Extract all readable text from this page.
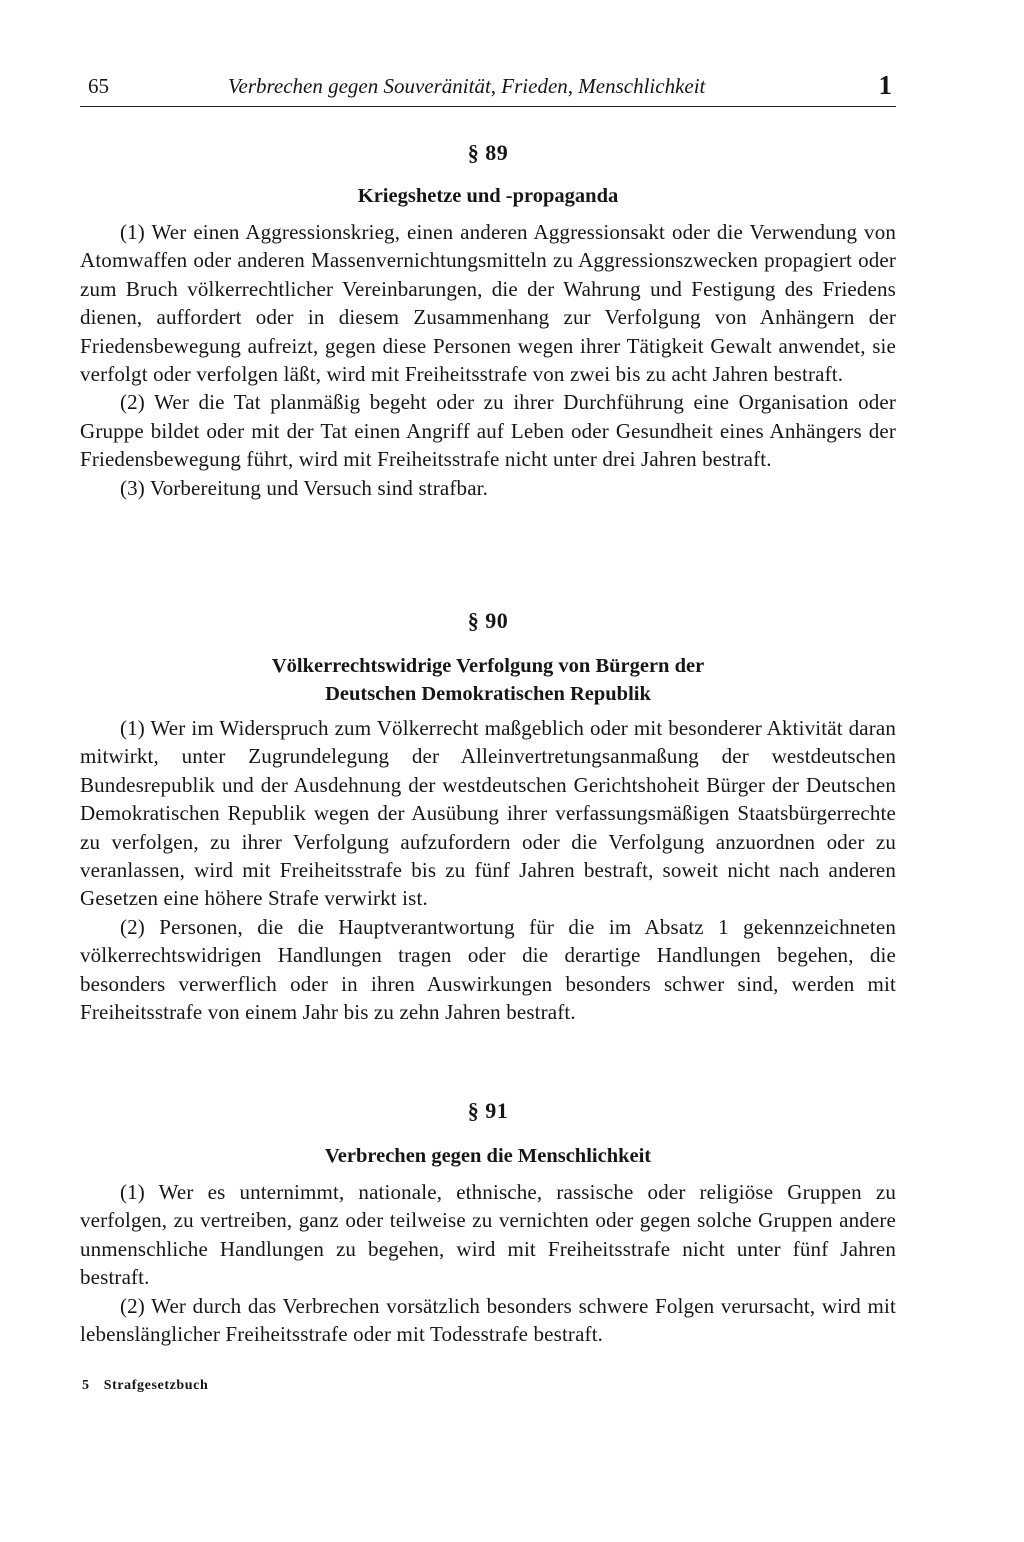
65	Verbrechen gegen Souveränität, Frieden, Menschlichkeit	1

§ 89

Kriegshetze und -propaganda

(1) Wer einen Aggressionskrieg, einen anderen Aggressionsakt oder die Verwendung von Atomwaffen oder anderen Massenvernichtungsmitteln zu Aggressionszwecken propagiert oder zum Bruch völkerrechtlicher Vereinbarungen, die der Wahrung und Festigung des Friedens dienen, auffordert oder in diesem Zusammenhang zur Verfolgung von Anhängern der Friedensbewegung aufreizt, gegen diese Personen wegen ihrer Tätigkeit Gewalt anwendet, sie verfolgt oder verfolgen läßt, wird mit Freiheitsstrafe von zwei bis zu acht Jahren bestraft.

(2) Wer die Tat planmäßig begeht oder zu ihrer Durchführung eine Organisation oder Gruppe bildet oder mit der Tat einen Angriff auf Leben oder Gesundheit eines Anhängers der Friedensbewegung führt, wird mit Freiheitsstrafe nicht unter drei Jahren bestraft.

(3) Vorbereitung und Versuch sind strafbar.

§ 90

Völkerrechtswidrige Verfolgung von Bürgern der
Deutschen Demokratischen Republik

(1) Wer im Widerspruch zum Völkerrecht maßgeblich oder mit besonderer Aktivität daran mitwirkt, unter Zugrundelegung der Alleinvertretungsanmaßung der westdeutschen Bundesrepublik und der Ausdehnung der westdeutschen Gerichtshoheit Bürger der Deutschen Demokratischen Republik wegen der Ausübung ihrer verfassungsmäßigen Staatsbürgerrechte zu verfolgen, zu ihrer Verfolgung aufzufordern oder die Verfolgung anzuordnen oder zu veranlassen, wird mit Freiheitsstrafe bis zu fünf Jahren bestraft, soweit nicht nach anderen Gesetzen eine höhere Strafe verwirkt ist.

(2) Personen, die die Hauptverantwortung für die im Absatz 1 gekennzeichneten völkerrechtswidrigen Handlungen tragen oder die derartige Handlungen begehen, die besonders verwerflich oder in ihren Auswirkungen besonders schwer sind, werden mit Freiheitsstrafe von einem Jahr bis zu zehn Jahren bestraft.

§ 91

Verbrechen gegen die Menschlichkeit

(1) Wer es unternimmt, nationale, ethnische, rassische oder religiöse Gruppen zu verfolgen, zu vertreiben, ganz oder teilweise zu vernichten oder gegen solche Gruppen andere unmenschliche Handlungen zu begehen, wird mit Freiheitsstrafe nicht unter fünf Jahren bestraft.

(2) Wer durch das Verbrechen vorsätzlich besonders schwere Folgen verursacht, wird mit lebenslänglicher Freiheitsstrafe oder mit Todesstrafe bestraft.

5 Strafgesetzbuch
